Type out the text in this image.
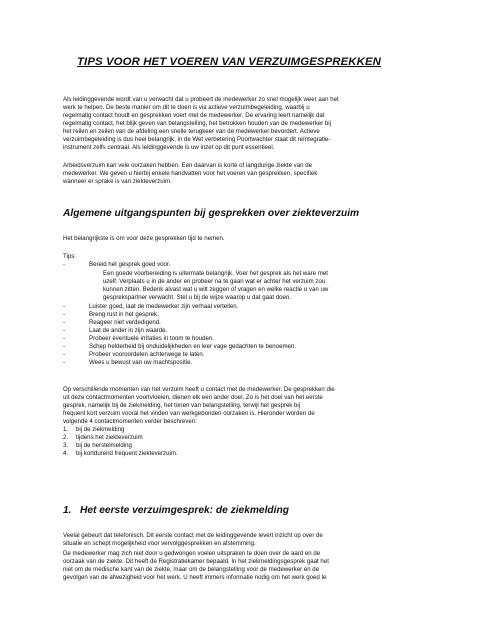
TIPS VOOR HET VOEREN VAN VERZUIMGESPREKKEN
Als leidinggevende wordt van u verwacht dat u probeert de medewerker zo snel mogelijk weer aan het
werk te helpen. De beste manier om dit te doen is via actieve verzuimbegeleiding, waarbij u
regelmatig contact houdt en gesprekken voert met de medewerker. De ervaring leert namelijk dat
regelmatig contact, het blijk geven van belangstelling, het betrokken houden van de medewerker bij
het reilen en zeilen van de afdeling een snelle terugkeer van de medewerker bevordert. Actieve
verzuimbegeleiding is dus heel belangrijk; in de Wet verbetering Poortwachter staat dit reïntegratie-
instrument zelfs centraal. Als leidinggevende is uw inzet op dit punt essentieel.
Arbeidsverzuim kan vele oorzaken hebben. Een daarvan is korte of langdurige ziekte van de
medewerker. We geven u hierbij enkele handvatten voor het voeren van gesprekken, specifiek
wanneer er sprake is van ziekteverzuim.
Algemene uitgangspunten bij gesprekken over ziekteverzuim
Het belangrijkste is om voor deze gesprekken tijd te nemen.
Tips:
-	Bereid het gesprek goed voor.
Een goede voorbereiding is uitermate belangrijk. Voer het gesprek als het ware met
uzelf. Verplaats u in de ander en probeer na te gaan wat er achter het verzuim zou
kunnen zitten. Bedenk alvast wat u wilt zeggen of vragen en welke reactie u van uw
gesprekspartner verwacht. Stel u bij de wijze waarop u dat gaat doen.
-	Luister goed, laat de medewerker zijn verhaal vertellen.
-	Breng rust in het gesprek.
-	Reageer niet verdedigend.
-	Laat de ander in zijn waarde.
-	Probeer eventuele irritaties in toom te houden.
-	Schep helderheid bij onduidelijkheden en leer vage gedachten te benoemen.
-	Probeer vooroordelen achterwege te laten.
-	Wees u bewust van uw machtspositie.
Op verschillende momenten van het verzuim heeft u contact met de medewerker. De gesprekken die
uit deze contactmomenten voortvloeien, dienen elk een ander doel. Zo is het doel van het eerste
gesprek, namelijk bij de ziekmelding, het tonen van belangstelling, terwijl het gesprek bij
frequent kort verzuim vooral het vinden van werkgebonden oorzaken is. Hieronder worden de
volgende 4 contactmomenten verder beschreven:
1. bij de ziekmelding
2. tijdens het ziekteverzuim
3. bij de herstelmelding
4. bij kortdurend frequent ziekteverzuim.
1. Het eerste verzuimgesprek: de ziekmelding
Veelal gebeurt dat telefonisch. Dit eerste contact met de leidinggevende levert inzicht op over de
situatie en schept mogelijkheid voor vervolggesprekken en afstemming.
De medewerker mag zich niet door u gedwongen voelen uitspraken te doen over de aard en de
oorzaak van de ziekte. Dit heeft de Registratiekamer bepaald. In het ziekmeldingsgesprek gaat het
niet om de medische kant van de ziekte, maar om de belangstelling voor de medewerker en de
gevolgen van de afwezigheid voor het werk. U heeft immers informatie nodig om het werk goed te
